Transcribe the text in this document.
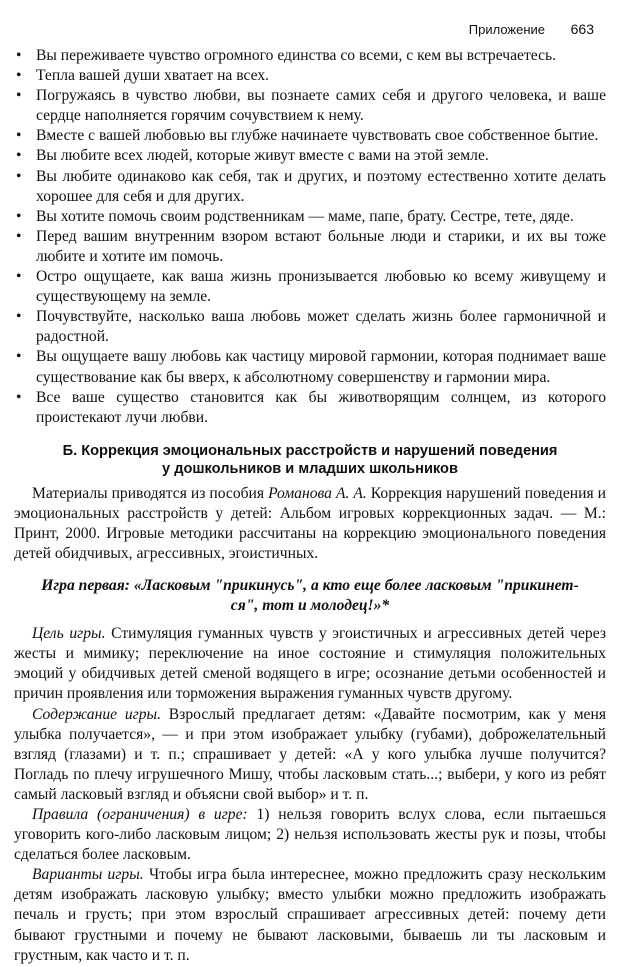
Приложение 663
• Вы переживаете чувство огромного единства со всеми, с кем вы встречаетесь.
• Тепла вашей души хватает на всех.
• Погружаясь в чувство любви, вы познаете самих себя и другого человека, и ваше сердце наполняется горячим сочувствием к нему.
• Вместе с вашей любовью вы глубже начинаете чувствовать свое собственное бытие.
• Вы любите всех людей, которые живут вместе с вами на этой земле.
• Вы любите одинаково как себя, так и других, и поэтому естественно хотите делать хорошее для себя и для других.
• Вы хотите помочь своим родственникам — маме, папе, брату. Сестре, тете, дяде.
• Перед вашим внутренним взором встают больные люди и старики, и их вы тоже любите и хотите им помочь.
• Остро ощущаете, как ваша жизнь пронизывается любовью ко всему живущему и существующему на земле.
• Почувствуйте, насколько ваша любовь может сделать жизнь более гармоничной и радостной.
• Вы ощущаете вашу любовь как частицу мировой гармонии, которая поднимает ваше существование как бы вверх, к абсолютному совершенству и гармонии мира.
• Все ваше существо становится как бы животворящим солнцем, из которого проистекают лучи любви.
Б. Коррекция эмоциональных расстройств и нарушений поведения
у дошкольников и младших школьников

Материалы приводятся из пособия Романова А. А. Коррекция нарушений поведения и эмоциональных расстройств у детей: Альбом игровых коррекционных задач. — М.: Принт, 2000. Игровые методики рассчитаны на коррекцию эмоционального поведения детей обидчивых, агрессивных, эгоистичных.

Игра первая: «Ласковым "прикинусь", а кто еще более ласковым "прикинет-
ся", тот и молодец!»*

Цель игры. Стимуляция гуманных чувств у эгоистичных и агрессивных детей через жесты и мимику; переключение на иное состояние и стимуляция положительных эмоций у обидчивых детей сменой водящего в игре; осознание детьми особенностей и причин проявления или торможения выражения гуманных чувств другому.

Содержание игры. Взрослый предлагает детям: «Давайте посмотрим, как у меня улыбка получается», — и при этом изображает улыбку (губами), доброжелательный взгляд (глазами) и т. п.; спрашивает у детей: «А у кого улыбка лучше получится? Погладь по плечу игрушечного Мишу, чтобы ласковым стать...; выбери, у кого из ребят самый ласковый взгляд и объясни свой выбор» и т. п.

Правила (ограничения) в игре: 1) нельзя говорить вслух слова, если пытаешься уговорить кого-либо ласковым лицом; 2) нельзя использовать жесты рук и позы, чтобы сделаться более ласковым.

Варианты игры. Чтобы игра была интереснее, можно предложить сразу нескольким детям изображать ласковую улыбку; вместо улыбки можно предложить изображать печаль и грусть; при этом взрослый спрашивает агрессивных детей: почему дети бывают грустными и почему не бывают ласковыми, бываешь ли ты ласковым и грустным, как часто и т. п.
